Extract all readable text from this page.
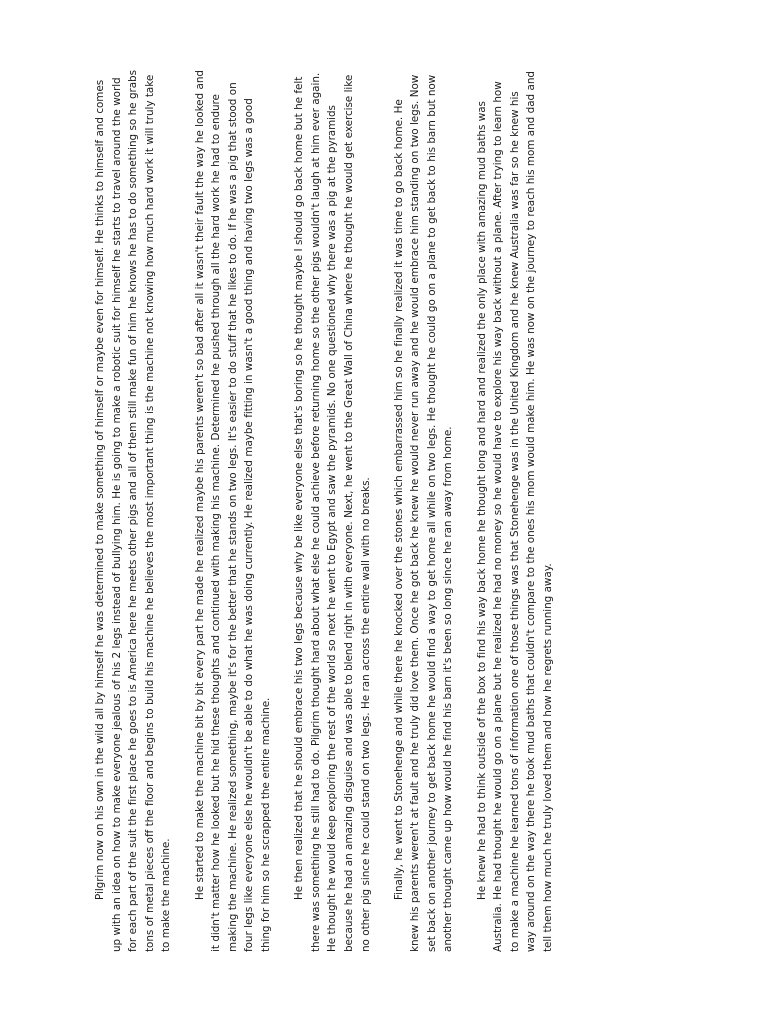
Pilgrim now on his own in the wild all by himself he was determined to make something of himself or maybe even for himself. He thinks to himself and comes up with an idea on how to make everyone jealous of his 2 legs instead of bullying him. He is going to make a robotic suit for himself he starts to travel around the world for each part of the suit the first place he goes to is America here he meets other pigs and all of them still make fun of him he knows he has to do something so he grabs tons of metal pieces off the floor and begins to build his machine he believes the most important thing is the machine not knowing how much hard work it will truly take to make the machine. He started to make the machine bit by bit every part he made he realized maybe his parents weren't so bad after all it wasn't their fault the way he looked and it didn't matter how he looked but he hid these thoughts and continued with making his machine. Determined he pushed through all the hard work he had to endure making the machine. He realized something, maybe it's for the better that he stands on two legs. It's easier to do stuff that he likes to do. If he was a pig that stood on four legs like everyone else he wouldn't be able to do what he was doing currently. He realized maybe fitting in wasn't a good thing and having two legs was a good thing for him so he scrapped the entire machine. He then realized that he should embrace his two legs because why be like everyone else that's boring so he thought maybe I should go back home but he felt there was something he still had to do. Pilgrim thought hard about what else he could achieve before returning home so the other pigs wouldn't laugh at him ever again. He thought he would keep exploring the rest of the world so next he went to Egypt and saw the pyramids. No one questioned why there was a pig at the pyramids because he had an amazing disguise and was able to blend right in with everyone. Next, he went to the Great Wall of China where he thought he would get exercise like no other pig since he could stand on two legs. He ran across the entire wall with no breaks. Finally, he went to Stonehenge and while there he knocked over the stones which embarrassed him so he finally realized it was time to go back home. He knew his parents weren't at fault and he truly did love them. Once he got back he knew he would never run away and he would embrace him standing on two legs. Now set back on another journey to get back home he would find a way to get home all while on two legs. He thought he could go on a plane to get back to his barn but now another thought came up how would he find his barn it's been so long since he ran away from home. He knew he had to think outside of the box to find his way back home he thought long and hard and realized the only place with amazing mud baths was Australia. He had thought he would go on a plane but he realized he had no money so he would have to explore his way back without a plane. After trying to learn how to make a machine he learned tons of information one of those things was that Stonehenge was in the United Kingdom and he knew Australia was far so he knew his way around on the way there he took mud baths that couldn't compare to the ones his mom would make him. He was now on the journey to reach his mom and dad and tell them how much he truly loved them and how he regrets running away.
